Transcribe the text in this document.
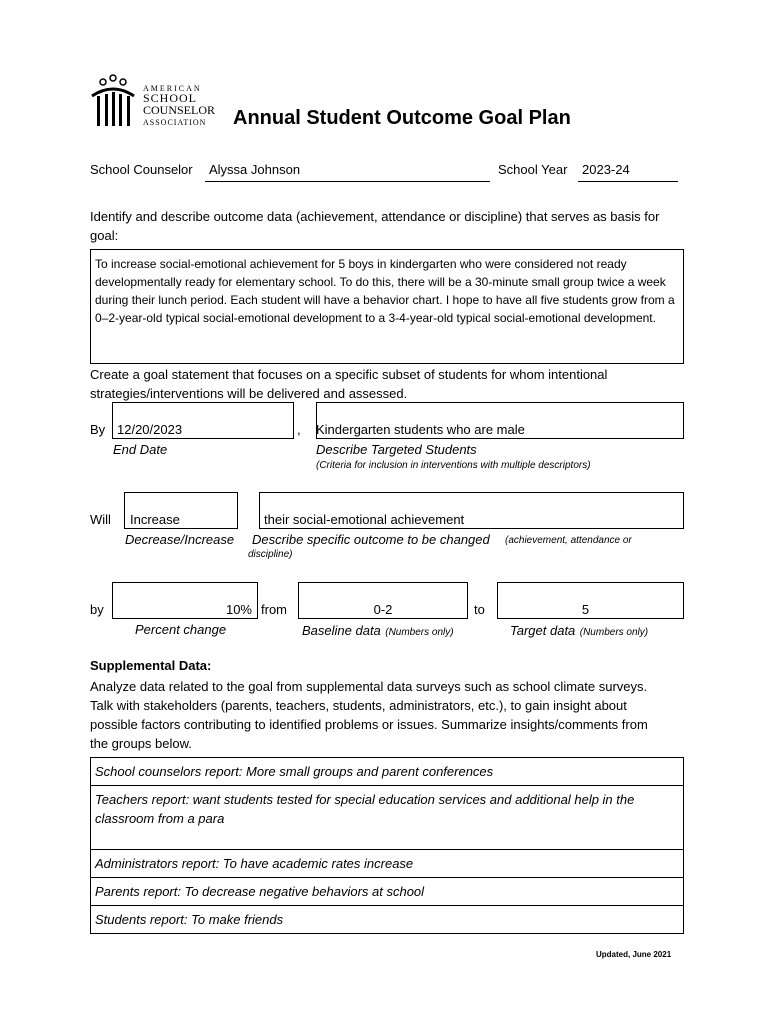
AMERICAN
SCHOOL
COUNSELOR
ASSOCIATION Annual Student Outcome Goal Plan
School Counselor Alyssa Johnson	School Year 2023-24
Identify and describe outcome data (achievement, attendance or discipline) that serves as basis for goal:
To increase social-emotional achievement for 5 boys in kindergarten who were considered not ready developmentally ready for elementary school. To do this, there will be a 30-minute small group twice a week during their lunch period. Each student will have a behavior chart. I hope to have all five students grow from a 0–2-year-old typical social-emotional development to a 3-4-year-old typical social-emotional development.
Create a goal statement that focuses on a specific subset of students for whom intentional strategies/interventions will be delivered and assessed.
By 12/20/2023
End Date
, Kindergarten students who are male
Describe Targeted Students
(Criteria for inclusion in interventions with multiple descriptors)
Will Increase
Decrease/Increase
their social-emotional achievement
Describe specific outcome to be changed (achievement, attendance or
discipline)
by	10%
Percent change
from	0-2
Baseline data (Numbers only)
to	5
Target data (Numbers only)
Supplemental Data:
Analyze data related to the goal from supplemental data surveys such as school climate surveys. Talk with stakeholders (parents, teachers, students, administrators, etc.), to gain insight about possible factors contributing to identified problems or issues. Summarize insights/comments from the groups below.
School counselors report: More small groups and parent conferences
Teachers report: want students tested for special education services and additional help in the classroom from a para
Administrators report: To have academic rates increase
Parents report: To decrease negative behaviors at school
Students report: To make friends
Updated, June 2021
